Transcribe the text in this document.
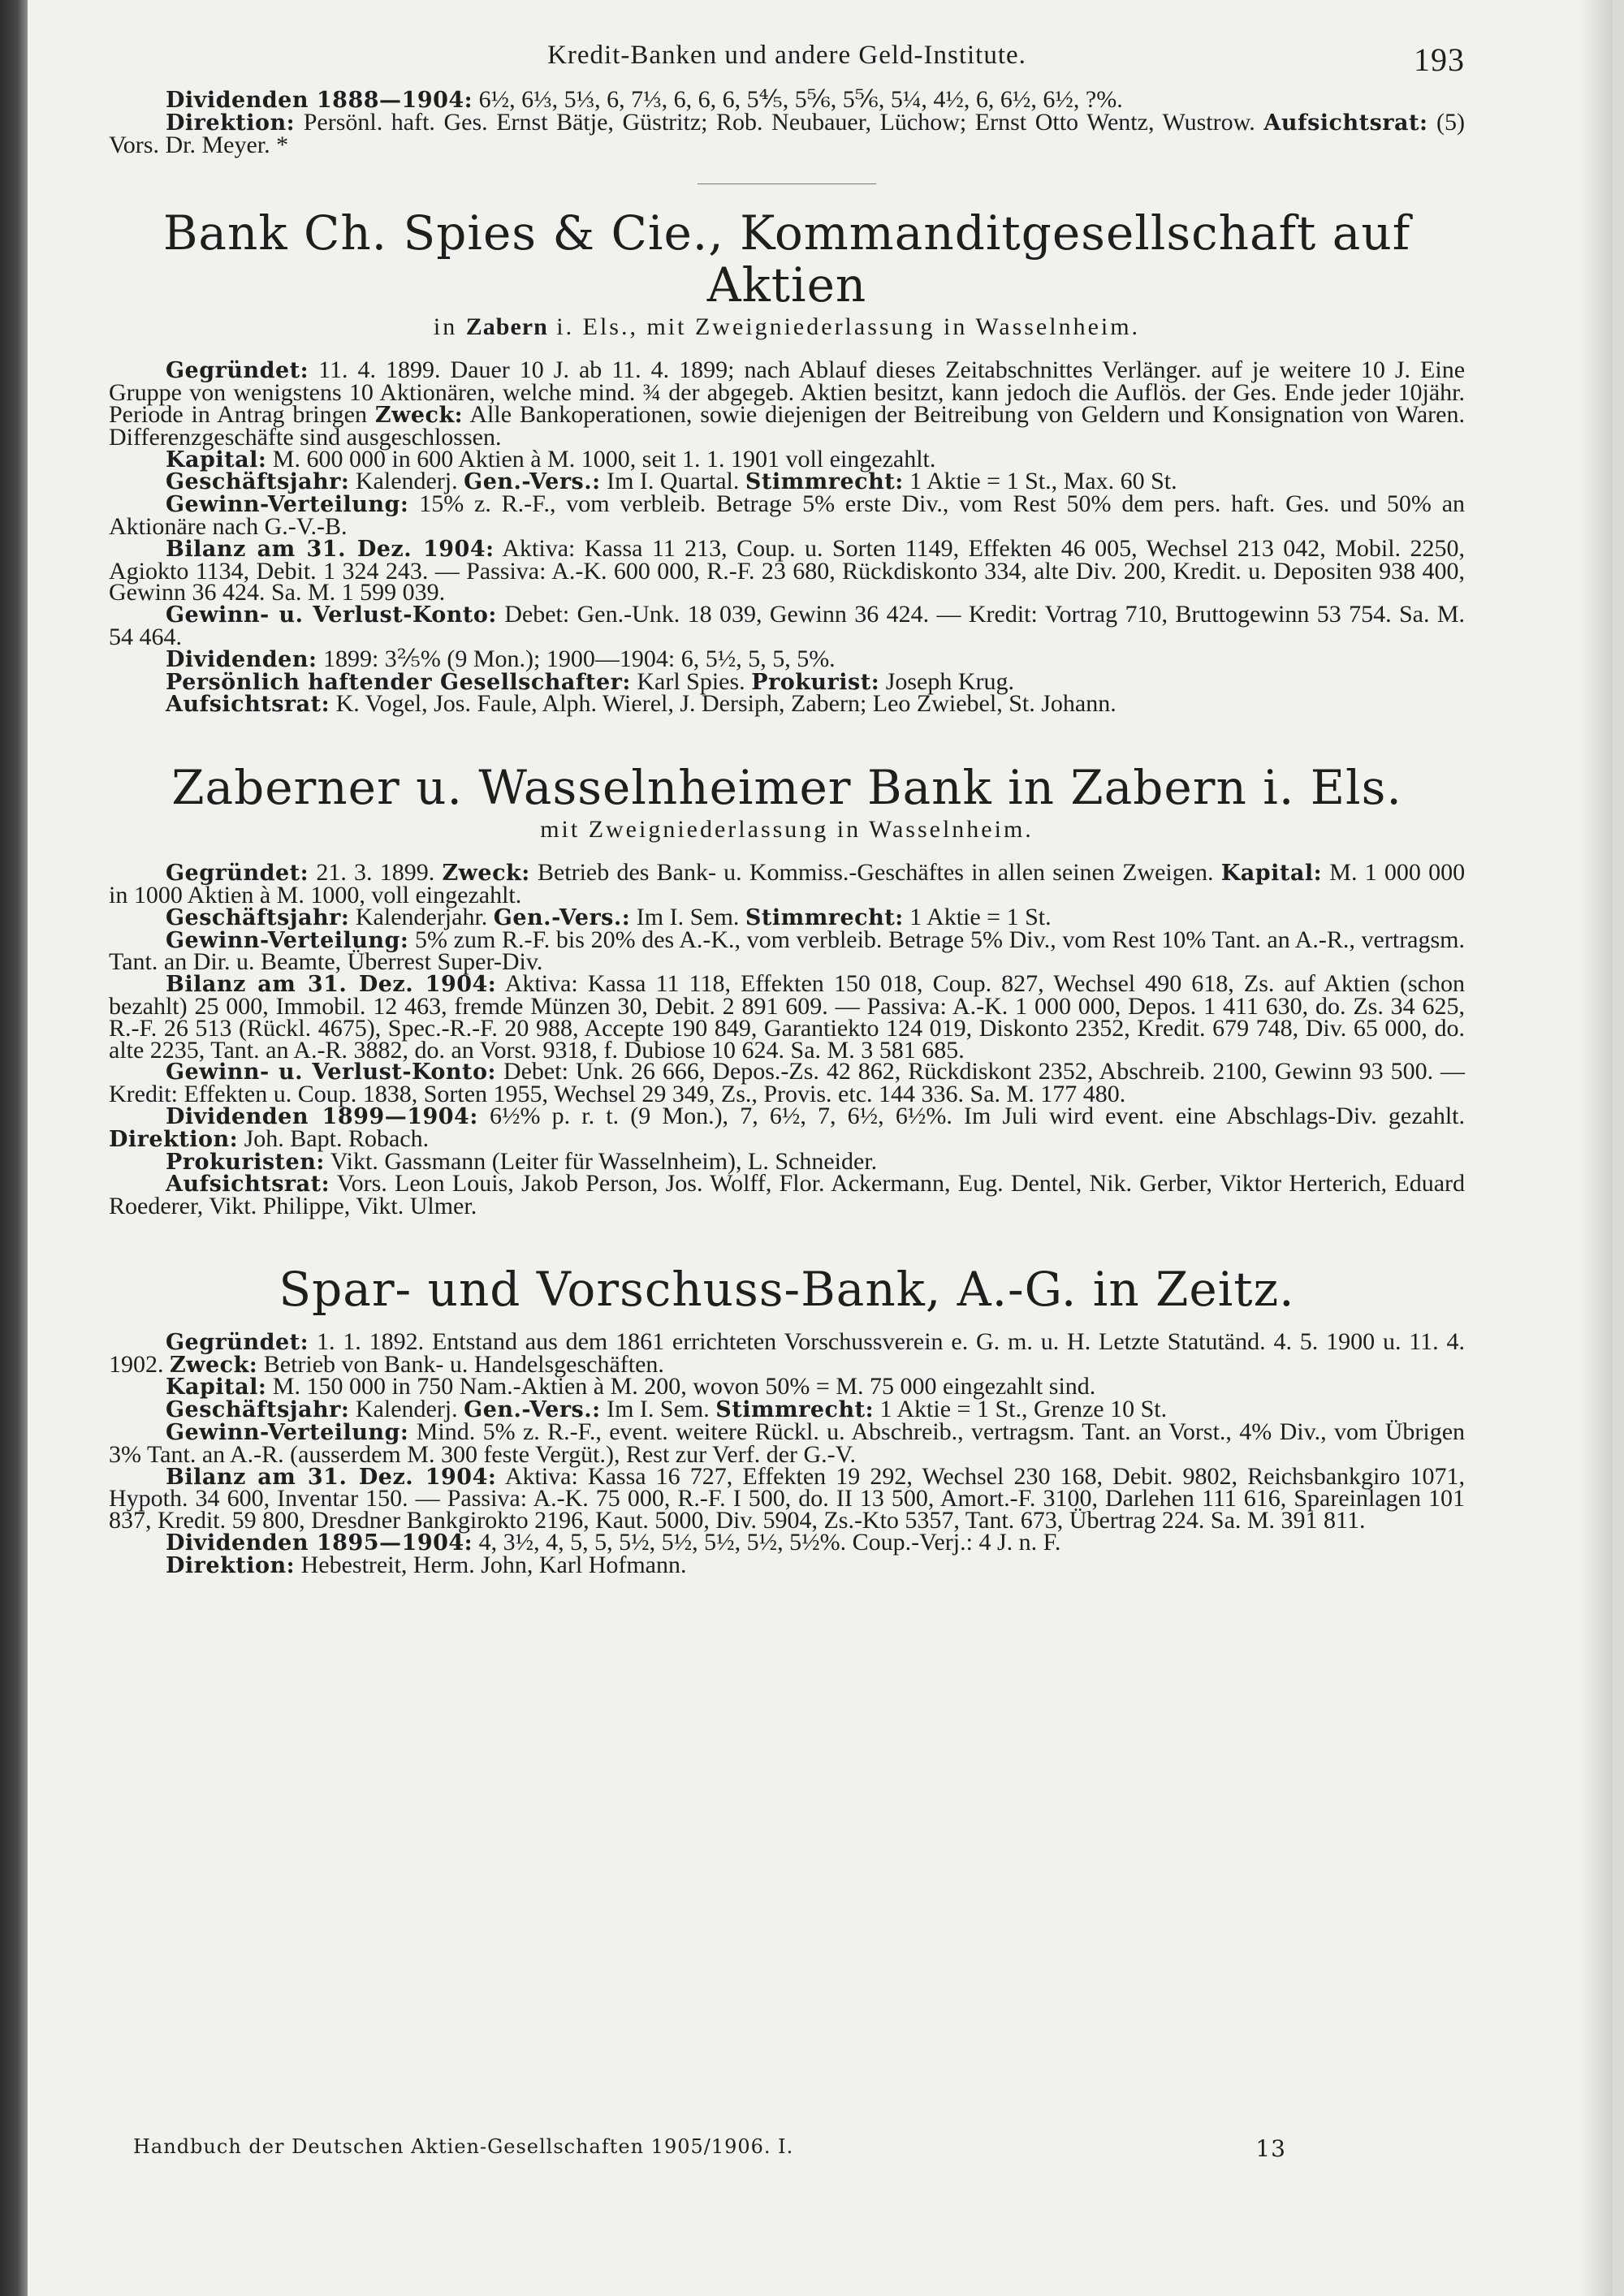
Kredit-Banken und andere Geld-Institute.	193

Dividenden 1888—1904: 6½, 6⅓, 5⅓, 6, 7⅓, 6, 6, 6, 5⅘, 5⅚, 5⅚, 5¼, 4½, 6, 6½, 6½, ?%.

Direktion: Persönl. haft. Ges. Ernst Bätje, Güstritz; Rob. Neubauer, Lüchow; Ernst Otto Wentz, Wustrow. Aufsichtsrat: (5) Vors. Dr. Meyer. *

Bank Ch. Spies & Cie., Kommanditgesellschaft auf Aktien
in Zabern i. Els., mit Zweigniederlassung in Wasselnheim.

Gegründet: 11. 4. 1899. Dauer 10 J. ab 11. 4. 1899; nach Ablauf dieses Zeitabschnittes Verlänger. auf je weitere 10 J. Eine Gruppe von wenigstens 10 Aktionären, welche mind. ¾ der abgegeb. Aktien besitzt, kann jedoch die Auflös. der Ges. Ende jeder 10jähr. Periode in Antrag bringen Zweck: Alle Bankoperationen, sowie diejenigen der Beitreibung von Geldern und Konsignation von Waren. Differenzgeschäfte sind ausgeschlossen.

Kapital: M. 600 000 in 600 Aktien à M. 1000, seit 1. 1. 1901 voll eingezahlt.

Geschäftsjahr: Kalenderj. Gen.-Vers.: Im I. Quartal. Stimmrecht: 1 Aktie = 1 St., Max. 60 St.

Gewinn-Verteilung: 15% z. R.-F., vom verbleib. Betrage 5% erste Div., vom Rest 50% dem pers. haft. Ges. und 50% an Aktionäre nach G.-V.-B.

Bilanz am 31. Dez. 1904: Aktiva: Kassa 11 213, Coup. u. Sorten 1149, Effekten 46 005, Wechsel 213 042, Mobil. 2250, Agiokto 1134, Debit. 1 324 243. — Passiva: A.-K. 600 000, R.-F. 23 680, Rückdiskonto 334, alte Div. 200, Kredit. u. Depositen 938 400, Gewinn 36 424. Sa. M. 1 599 039.

Gewinn- u. Verlust-Konto: Debet: Gen.-Unk. 18 039, Gewinn 36 424. — Kredit: Vortrag 710, Bruttogewinn 53 754. Sa. M. 54 464.

Dividenden: 1899: 3⅖% (9 Mon.); 1900—1904: 6, 5½, 5, 5, 5%.

Persönlich haftender Gesellschafter: Karl Spies. Prokurist: Joseph Krug.

Aufsichtsrat: K. Vogel, Jos. Faule, Alph. Wierel, J. Dersiph, Zabern; Leo Zwiebel, St. Johann.

Zaberner u. Wasselnheimer Bank in Zabern i. Els.
mit Zweigniederlassung in Wasselnheim.

Gegründet: 21. 3. 1899. Zweck: Betrieb des Bank- u. Kommiss.-Geschäftes in allen seinen Zweigen. Kapital: M. 1 000 000 in 1000 Aktien à M. 1000, voll eingezahlt.

Geschäftsjahr: Kalenderjahr. Gen.-Vers.: Im I. Sem. Stimmrecht: 1 Aktie = 1 St.

Gewinn-Verteilung: 5% zum R.-F. bis 20% des A.-K., vom verbleib. Betrage 5% Div., vom Rest 10% Tant. an A.-R., vertragsm. Tant. an Dir. u. Beamte, Überrest Super-Div.

Bilanz am 31. Dez. 1904: Aktiva: Kassa 11 118, Effekten 150 018, Coup. 827, Wechsel 490 618, Zs. auf Aktien (schon bezahlt) 25 000, Immobil. 12 463, fremde Münzen 30, Debit. 2 891 609. — Passiva: A.-K. 1 000 000, Depos. 1 411 630, do. Zs. 34 625, R.-F. 26 513 (Rückl. 4675), Spec.-R.-F. 20 988, Accepte 190 849, Garantiekto 124 019, Diskonto 2352, Kredit. 679 748, Div. 65 000, do. alte 2235, Tant. an A.-R. 3882, do. an Vorst. 9318, f. Dubiose 10 624. Sa. M. 3 581 685.

Gewinn- u. Verlust-Konto: Debet: Unk. 26 666, Depos.-Zs. 42 862, Rückdiskont 2352, Abschreib. 2100, Gewinn 93 500. — Kredit: Effekten u. Coup. 1838, Sorten 1955, Wechsel 29 349, Zs., Provis. etc. 144 336. Sa. M. 177 480.

Dividenden 1899—1904: 6½% p. r. t. (9 Mon.), 7, 6½, 7, 6½, 6½%. Im Juli wird event. eine Abschlags-Div. gezahlt. Direktion: Joh. Bapt. Robach.

Prokuristen: Vikt. Gassmann (Leiter für Wasselnheim), L. Schneider.

Aufsichtsrat: Vors. Leon Louis, Jakob Person, Jos. Wolff, Flor. Ackermann, Eug. Dentel, Nik. Gerber, Viktor Herterich, Eduard Roederer, Vikt. Philippe, Vikt. Ulmer.

Spar- und Vorschuss-Bank, A.-G. in Zeitz.

Gegründet: 1. 1. 1892. Entstand aus dem 1861 errichteten Vorschussverein e. G. m. u. H. Letzte Statutänd. 4. 5. 1900 u. 11. 4. 1902. Zweck: Betrieb von Bank- u. Handelsgeschäften.

Kapital: M. 150 000 in 750 Nam.-Aktien à M. 200, wovon 50% = M. 75 000 eingezahlt sind.

Geschäftsjahr: Kalenderj. Gen.-Vers.: Im I. Sem. Stimmrecht: 1 Aktie = 1 St., Grenze 10 St.

Gewinn-Verteilung: Mind. 5% z. R.-F., event. weitere Rückl. u. Abschreib., vertragsm. Tant. an Vorst., 4% Div., vom Übrigen 3% Tant. an A.-R. (ausserdem M. 300 feste Vergüt.), Rest zur Verf. der G.-V.

Bilanz am 31. Dez. 1904: Aktiva: Kassa 16 727, Effekten 19 292, Wechsel 230 168, Debit. 9802, Reichsbankgiro 1071, Hypoth. 34 600, Inventar 150. — Passiva: A.-K. 75 000, R.-F. I 500, do. II 13 500, Amort.-F. 3100, Darlehen 111 616, Spareinlagen 101 837, Kredit. 59 800, Dresdner Bankgirokto 2196, Kaut. 5000, Div. 5904, Zs.-Kto 5357, Tant. 673, Übertrag 224. Sa. M. 391 811.

Dividenden 1895—1904: 4, 3½, 4, 5, 5, 5½, 5½, 5½, 5½, 5½%. Coup.-Verj.: 4 J. n. F.

Direktion: Hebestreit, Herm. John, Karl Hofmann.

Handbuch der Deutschen Aktien-Gesellschaften 1905/1906. I.	13
